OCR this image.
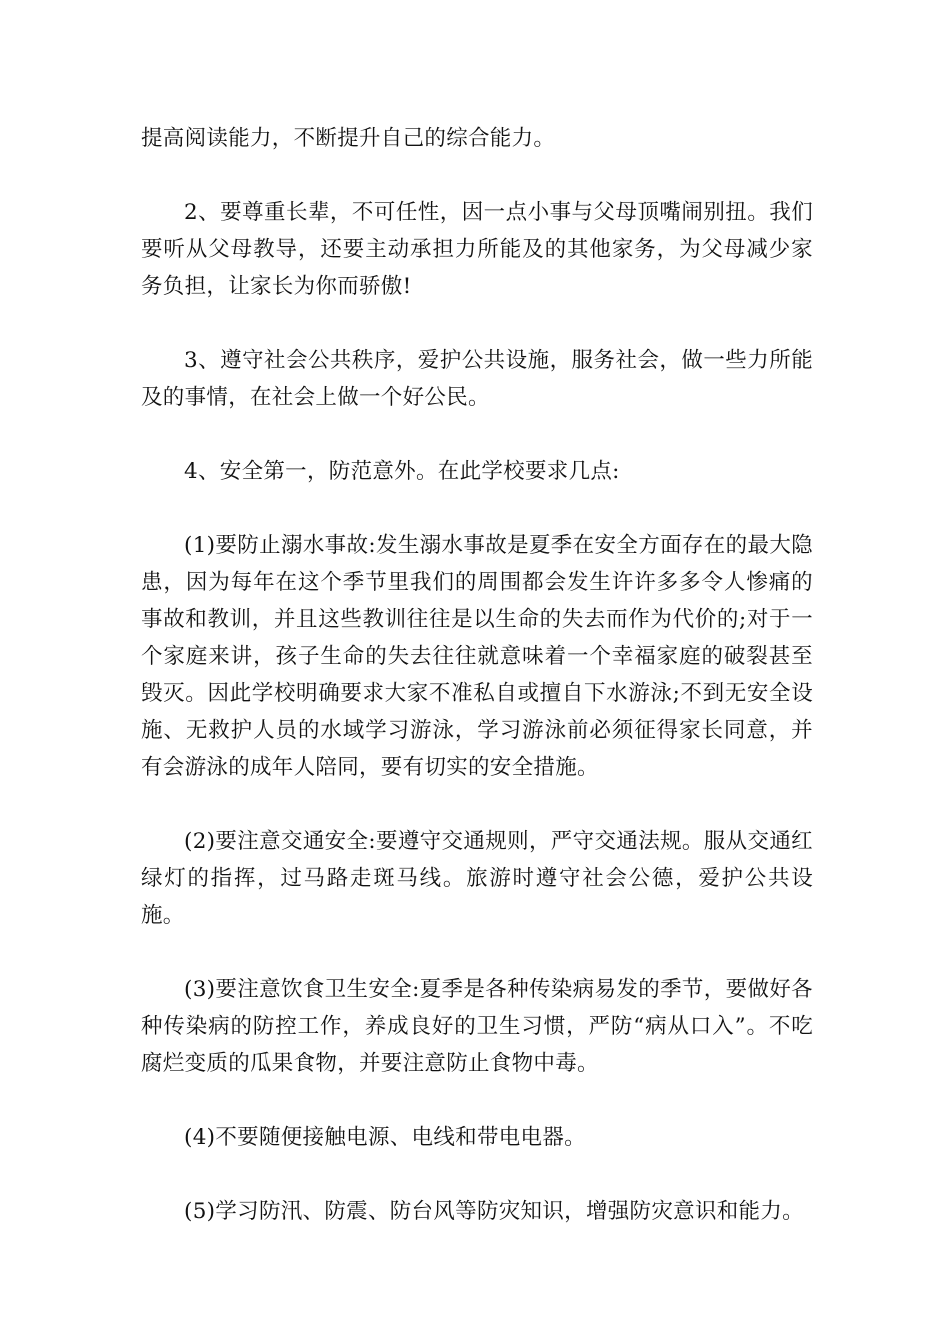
提高阅读能力，不断提升自己的综合能力。

2、要尊重长辈，不可任性，因一点小事与父母顶嘴闹别扭。我们要听从父母教导，还要主动承担力所能及的其他家务，为父母减少家务负担，让家长为你而骄傲!

3、遵守社会公共秩序，爱护公共设施，服务社会，做一些力所能及的事情，在社会上做一个好公民。

4、安全第一，防范意外。在此学校要求几点:

(1)要防止溺水事故:发生溺水事故是夏季在安全方面存在的最大隐患，因为每年在这个季节里我们的周围都会发生许许多多令人惨痛的事故和教训，并且这些教训往往是以生命的失去而作为代价的;对于一个家庭来讲，孩子生命的失去往往就意味着一个幸福家庭的破裂甚至毁灭。因此学校明确要求大家不准私自或擅自下水游泳;不到无安全设施、无救护人员的水域学习游泳，学习游泳前必须征得家长同意，并有会游泳的成年人陪同，要有切实的安全措施。

(2)要注意交通安全:要遵守交通规则，严守交通法规。服从交通红绿灯的指挥，过马路走斑马线。旅游时遵守社会公德，爱护公共设施。

(3)要注意饮食卫生安全:夏季是各种传染病易发的季节，要做好各种传染病的防控工作，养成良好的卫生习惯，严防“病从口入”。不吃腐烂变质的瓜果食物，并要注意防止食物中毒。

(4)不要随便接触电源、电线和带电电器。

(5)学习防汛、防震、防台风等防灾知识，增强防灾意识和能力。
